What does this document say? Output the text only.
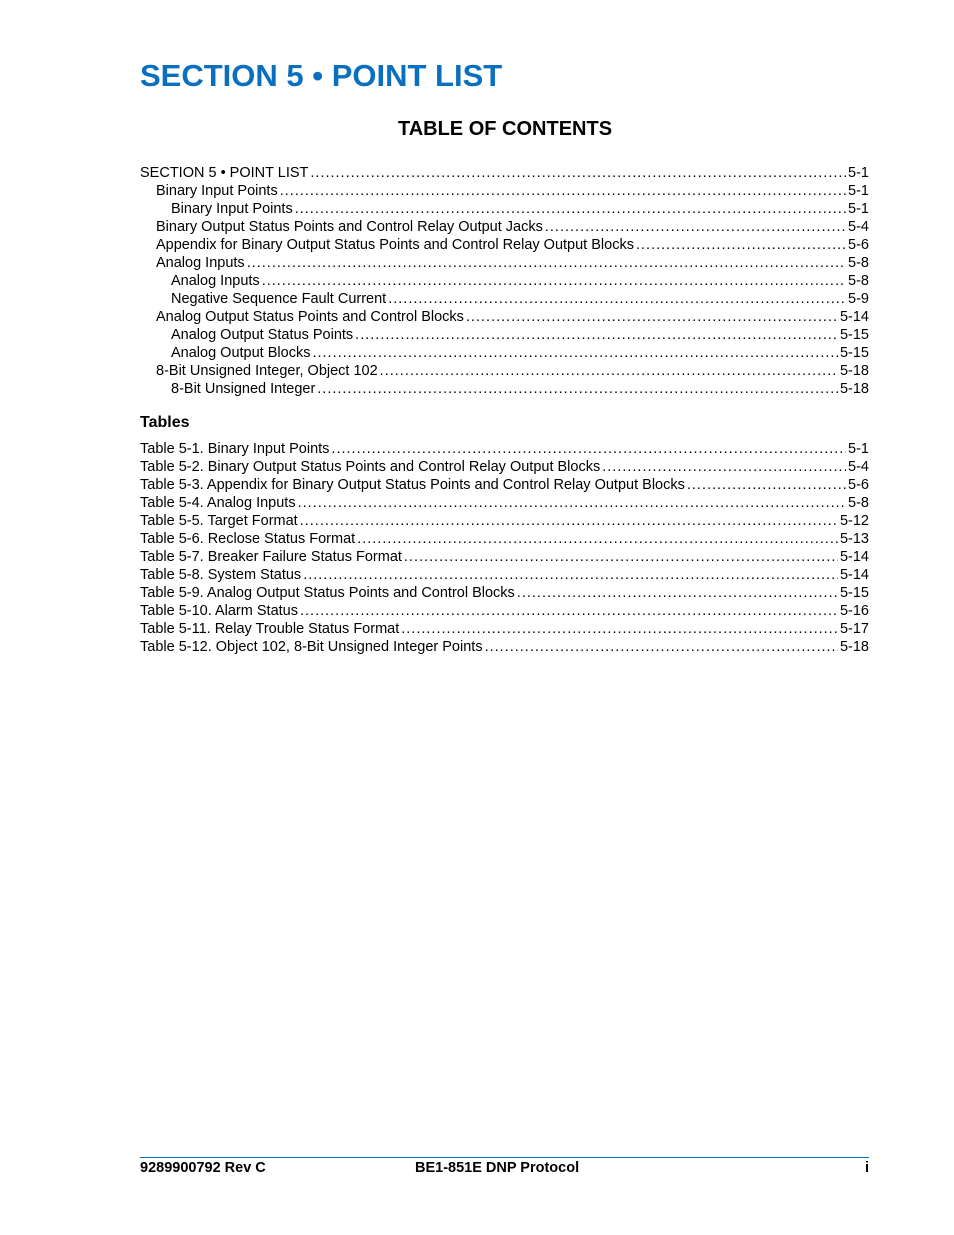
SECTION 5 • POINT LIST
TABLE OF CONTENTS
SECTION 5 • POINT LIST .....	5-1
Binary Input Points .....	5-1
Binary Input Points .....	5-1
Binary Output Status Points and Control Relay Output Jacks .....	5-4
Appendix for Binary Output Status Points and Control Relay Output Blocks .....	5-6
Analog Inputs .....	5-8
Analog Inputs .....	5-8
Negative Sequence Fault Current .....	5-9
Analog Output Status Points and Control Blocks .....	5-14
Analog Output Status Points .....	5-15
Analog Output Blocks .....	5-15
8-Bit Unsigned Integer, Object 102 .....	5-18
8-Bit Unsigned Integer .....	5-18
Tables
Table 5-1. Binary Input Points .....	5-1
Table 5-2. Binary Output Status Points and Control Relay Output Blocks .....	5-4
Table 5-3. Appendix for Binary Output Status Points and Control Relay Output Blocks .....	5-6
Table 5-4. Analog Inputs .....	5-8
Table 5-5. Target Format .....	5-12
Table 5-6. Reclose Status Format .....	5-13
Table 5-7. Breaker Failure Status Format .....	5-14
Table 5-8. System Status .....	5-14
Table 5-9. Analog Output Status Points and Control Blocks .....	5-15
Table 5-10. Alarm Status .....	5-16
Table 5-11. Relay Trouble Status Format .....	5-17
Table 5-12. Object 102, 8-Bit Unsigned Integer Points .....	5-18
9289900792 Rev C	BE1-851E DNP Protocol	i
